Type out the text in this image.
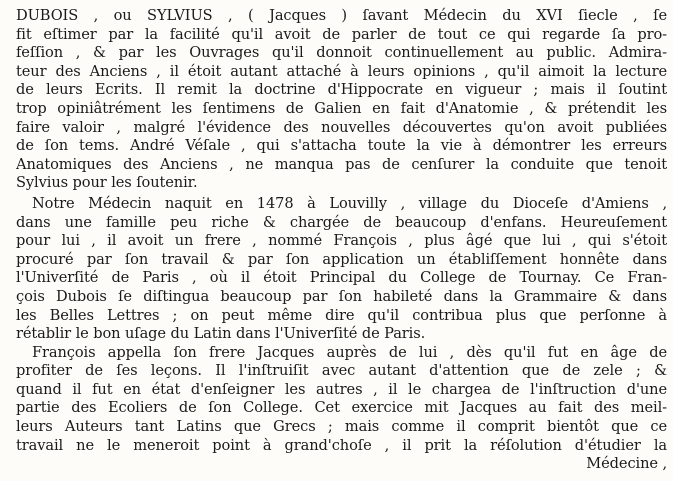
DUBOIS , ou SYLVIUS , ( Jacques ) ſavant Médecin du XVI ſiecle , ſe
fit eſtimer par la facilité qu'il avoit de parler de tout ce qui regarde ſa pro-
feſſion , & par les Ouvrages qu'il donnoit continuellement au public. Admira-
teur des Anciens , il étoit autant attaché à leurs opinions , qu'il aimoit la lecture
de leurs Ecrits. Il remit la doctrine d'Hippocrate en vigueur ; mais il ſoutint
trop opiniâtrément les ſentimens de Galien en fait d'Anatomie , & prétendit les
faire valoir , malgré l'évidence des nouvelles découvertes qu'on avoit publiées
de ſon tems. André Véſale , qui s'attacha toute la vie à démontrer les erreurs
Anatomiques des Anciens , ne manqua pas de cenſurer la conduite que tenoit
Sylvius pour les ſoutenir.
Notre Médecin naquit en 1478 à Louvilly , village du Dioceſe d'Amiens ,
dans une famille peu riche & chargée de beaucoup d'enfans. Heureuſement
pour lui , il avoit un frere , nommé François , plus âgé que lui , qui s'étoit
procuré par ſon travail & par ſon application un établiſſement honnête dans
l'Univerſité de Paris , où il étoit Principal du College de Tournay. Ce Fran-
çois Dubois ſe diſtingua beaucoup par ſon habileté dans la Grammaire & dans
les Belles Lettres ; on peut même dire qu'il contribua plus que perſonne à
rétablir le bon uſage du Latin dans l'Univerſité de Paris.
François appella ſon frere Jacques auprès de lui , dès qu'il fut en âge de
profiter de ſes leçons. Il l'inſtruiſit avec autant d'attention que de zele ; &
quand il fut en état d'enſeigner les autres , il le chargea de l'inſtruction d'une
partie des Ecoliers de ſon College. Cet exercice mit Jacques au fait des meil-
leurs Auteurs tant Latins que Grecs ; mais comme il comprit bientôt que ce
travail ne le meneroit point à grand'choſe , il prit la réſolution d'étudier la
Médecine ,
